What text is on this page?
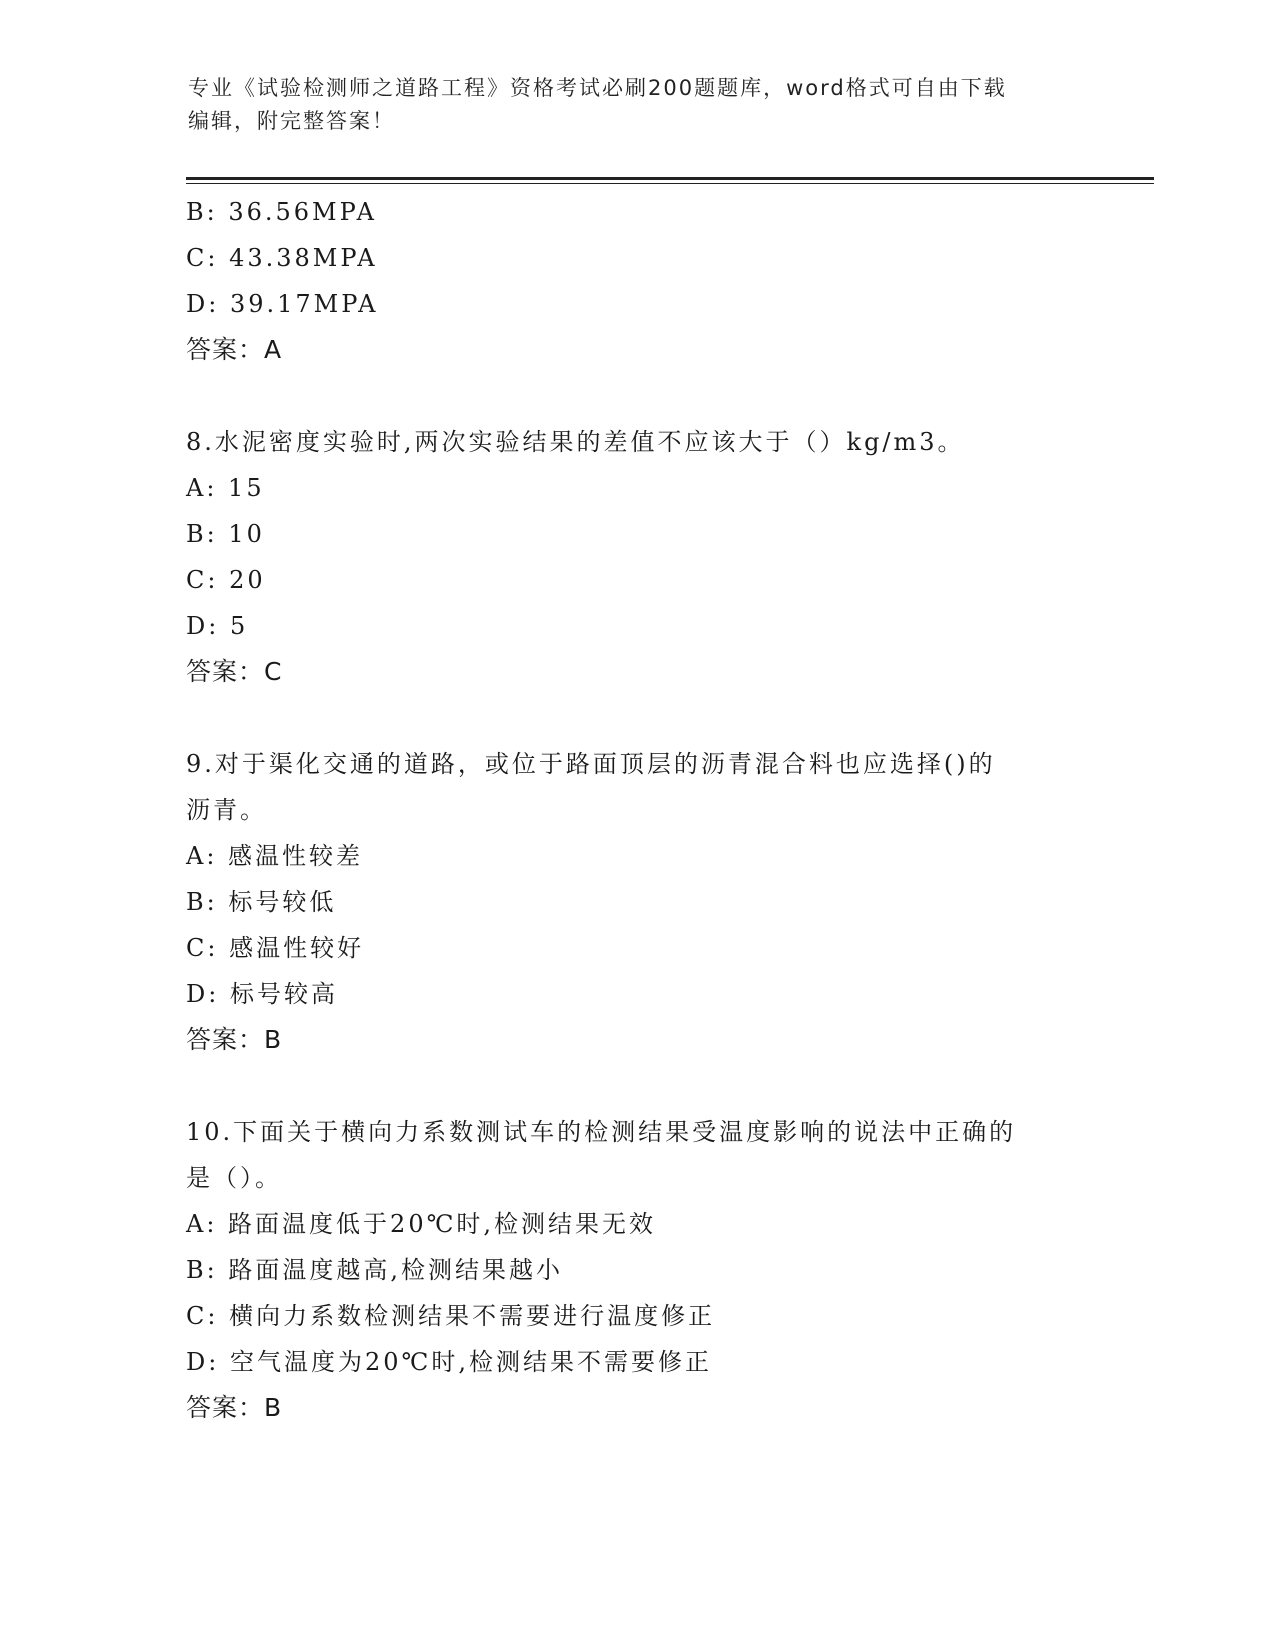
专业《试验检测师之道路工程》资格考试必刷200题题库，word格式可自由下载
编辑，附完整答案！
B: 36.56MPA
C: 43.38MPA
D: 39.17MPA
答案：A
8.水泥密度实验时,两次实验结果的差值不应该大于（）kg/m3。
A: 15
B: 10
C: 20
D: 5
答案：C
9.对于渠化交通的道路，或位于路面顶层的沥青混合料也应选择()的
沥青。
A: 感温性较差
B: 标号较低
C: 感温性较好
D: 标号较高
答案：B
10.下面关于横向力系数测试车的检测结果受温度影响的说法中正确的
是（）。
A: 路面温度低于20℃时,检测结果无效
B: 路面温度越高,检测结果越小
C: 横向力系数检测结果不需要进行温度修正
D: 空气温度为20℃时,检测结果不需要修正
答案：B
